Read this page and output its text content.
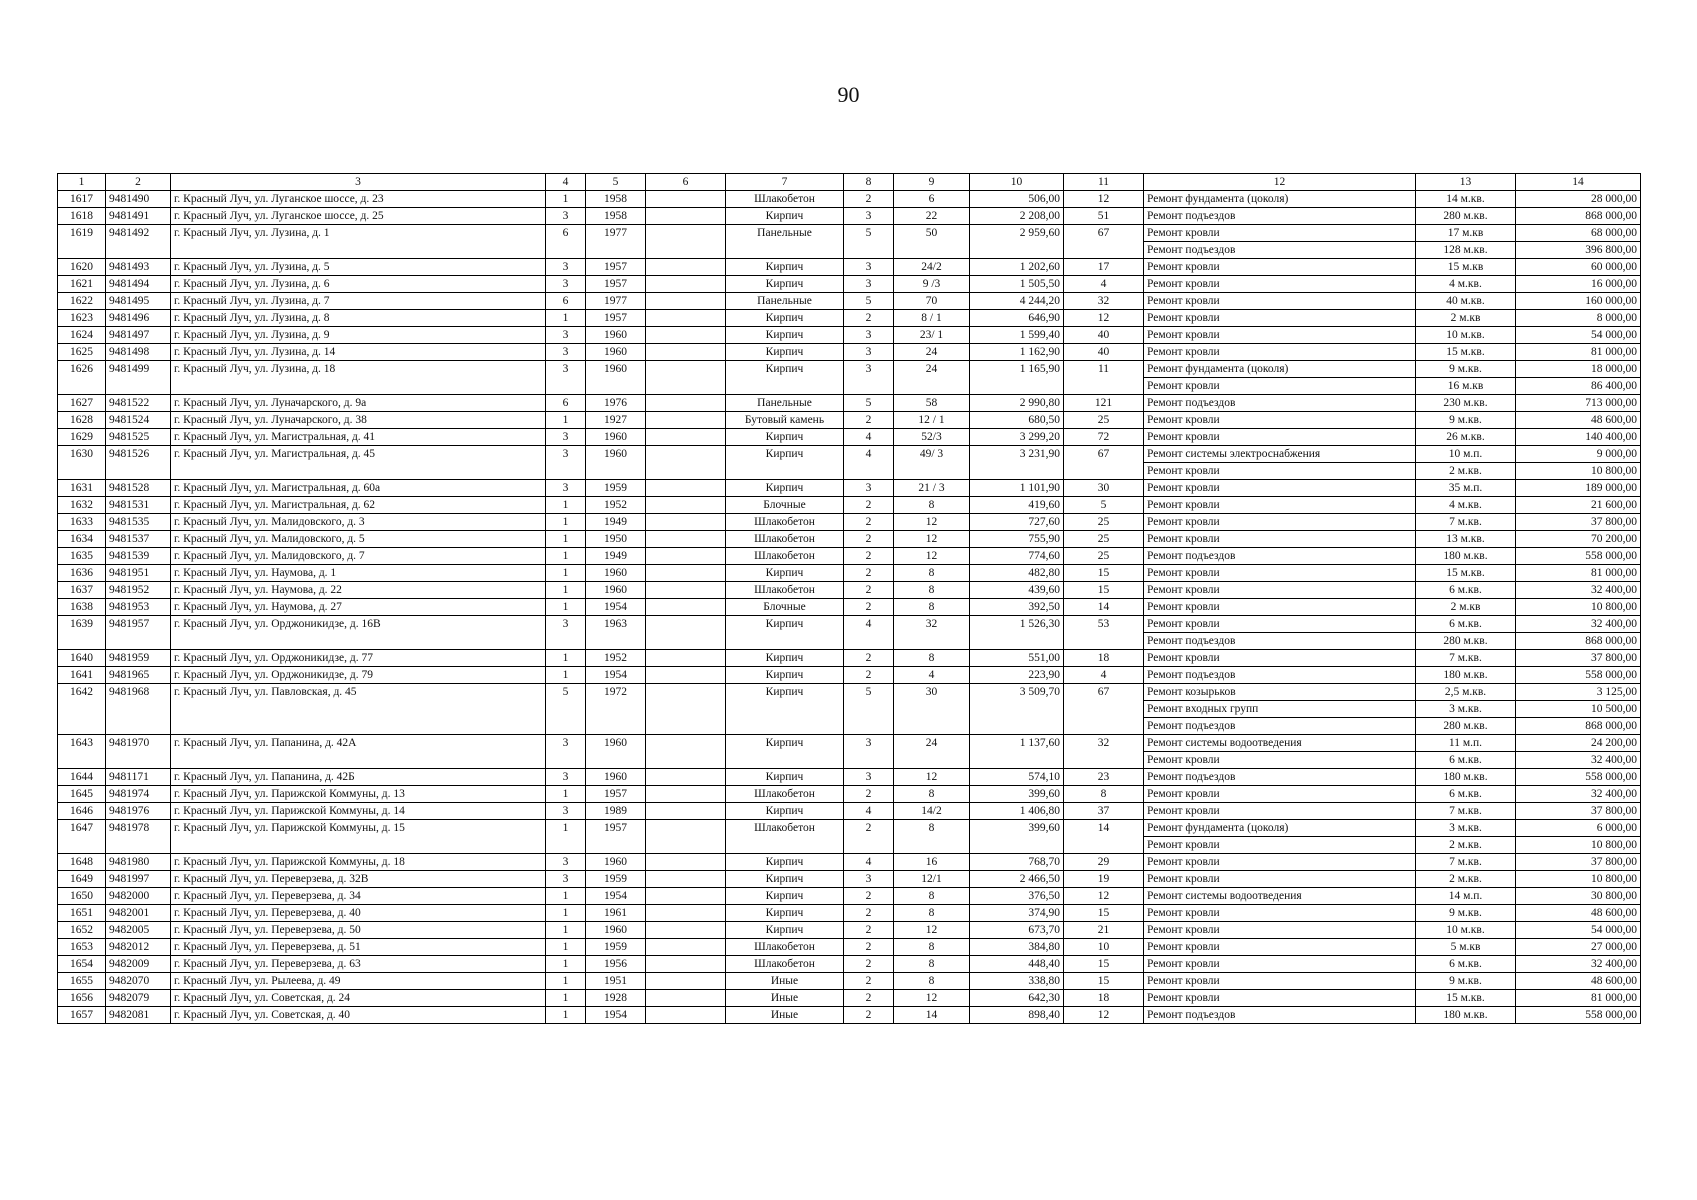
90
1	2	3	4	5	6	7	8	9	10	11	12	13	14
1617	9481490	г. Красный Луч, ул. Луганское шоссе, д. 23	1	1958		Шлакобетон	2	6	506,00	12	Ремонт фундамента (цоколя)	14 м.кв.	28 000,00
1618	9481491	г. Красный Луч, ул. Луганское шоссе, д. 25	3	1958		Кирпич	3	22	2 208,00	51	Ремонт подъездов	280 м.кв.	868 000,00
1619	9481492	г. Красный Луч, ул. Лузина, д. 1	6	1977		Панельные	5	50	2 959,60	67	Ремонт кровли	17 м.кв	68 000,00
											Ремонт подъездов	128 м.кв.	396 800,00
1620	9481493	г. Красный Луч, ул. Лузина, д. 5	3	1957		Кирпич	3	24/2	1 202,60	17	Ремонт кровли	15 м.кв	60 000,00
1621	9481494	г. Красный Луч, ул. Лузина, д. 6	3	1957		Кирпич	3	9 /3	1 505,50	4	Ремонт кровли	4 м.кв.	16 000,00
1622	9481495	г. Красный Луч, ул. Лузина, д. 7	6	1977		Панельные	5	70	4 244,20	32	Ремонт кровли	40 м.кв.	160 000,00
1623	9481496	г. Красный Луч, ул. Лузина, д. 8	1	1957		Кирпич	2	8 / 1	646,90	12	Ремонт кровли	2 м.кв	8 000,00
1624	9481497	г. Красный Луч, ул. Лузина, д. 9	3	1960		Кирпич	3	23/ 1	1 599,40	40	Ремонт кровли	10 м.кв.	54 000,00
1625	9481498	г. Красный Луч, ул. Лузина, д. 14	3	1960		Кирпич	3	24	1 162,90	40	Ремонт кровли	15 м.кв.	81 000,00
1626	9481499	г. Красный Луч, ул. Лузина, д. 18	3	1960		Кирпич	3	24	1 165,90	11	Ремонт фундамента (цоколя)	9 м.кв.	18 000,00
											Ремонт кровли	16 м.кв	86 400,00
1627	9481522	г. Красный Луч, ул. Луначарского, д. 9а	6	1976		Панельные	5	58	2 990,80	121	Ремонт подъездов	230 м.кв.	713 000,00
1628	9481524	г. Красный Луч, ул. Луначарского, д. 38	1	1927		Бутовый камень	2	12 / 1	680,50	25	Ремонт кровли	9 м.кв.	48 600,00
1629	9481525	г. Красный Луч, ул. Магистральная, д. 41	3	1960		Кирпич	4	52/3	3 299,20	72	Ремонт кровли	26 м.кв.	140 400,00
1630	9481526	г. Красный Луч, ул. Магистральная, д. 45	3	1960		Кирпич	4	49/ 3	3 231,90	67	Ремонт системы электроснабжения	10 м.п.	9 000,00
											Ремонт кровли	2 м.кв.	10 800,00
1631	9481528	г. Красный Луч, ул. Магистральная, д. 60а	3	1959		Кирпич	3	21 / 3	1 101,90	30	Ремонт кровли	35 м.п.	189 000,00
1632	9481531	г. Красный Луч, ул. Магистральная, д. 62	1	1952		Блочные	2	8	419,60	5	Ремонт кровли	4 м.кв.	21 600,00
1633	9481535	г. Красный Луч, ул. Малидовского, д. 3	1	1949		Шлакобетон	2	12	727,60	25	Ремонт кровли	7 м.кв.	37 800,00
1634	9481537	г. Красный Луч, ул. Малидовского, д. 5	1	1950		Шлакобетон	2	12	755,90	25	Ремонт кровли	13 м.кв.	70 200,00
1635	9481539	г. Красный Луч, ул. Малидовского, д. 7	1	1949		Шлакобетон	2	12	774,60	25	Ремонт подъездов	180 м.кв.	558 000,00
1636	9481951	г. Красный Луч, ул. Наумова, д. 1	1	1960		Кирпич	2	8	482,80	15	Ремонт кровли	15 м.кв.	81 000,00
1637	9481952	г. Красный Луч, ул. Наумова, д. 22	1	1960		Шлакобетон	2	8	439,60	15	Ремонт кровли	6 м.кв.	32 400,00
1638	9481953	г. Красный Луч, ул. Наумова, д. 27	1	1954		Блочные	2	8	392,50	14	Ремонт кровли	2 м.кв	10 800,00
1639	9481957	г. Красный Луч, ул. Орджоникидзе, д. 16В	3	1963		Кирпич	4	32	1 526,30	53	Ремонт кровли	6 м.кв.	32 400,00
											Ремонт подъездов	280 м.кв.	868 000,00
1640	9481959	г. Красный Луч, ул. Орджоникидзе, д. 77	1	1952		Кирпич	2	8	551,00	18	Ремонт кровли	7 м.кв.	37 800,00
1641	9481965	г. Красный Луч, ул. Орджоникидзе, д. 79	1	1954		Кирпич	2	4	223,90	4	Ремонт подъездов	180 м.кв.	558 000,00
1642	9481968	г. Красный Луч, ул. Павловская, д. 45	5	1972		Кирпич	5	30	3 509,70	67	Ремонт козырьков	2,5 м.кв.	3 125,00
											Ремонт входных групп	3 м.кв.	10 500,00
											Ремонт подъездов	280 м.кв.	868 000,00
1643	9481970	г. Красный Луч, ул. Папанина, д. 42А	3	1960		Кирпич	3	24	1 137,60	32	Ремонт системы водоотведения	11 м.п.	24 200,00
											Ремонт кровли	6 м.кв.	32 400,00
1644	9481171	г. Красный Луч, ул. Папанина, д. 42Б	3	1960		Кирпич	3	12	574,10	23	Ремонт подъездов	180 м.кв.	558 000,00
1645	9481974	г. Красный Луч, ул. Парижской Коммуны, д. 13	1	1957		Шлакобетон	2	8	399,60	8	Ремонт кровли	6 м.кв.	32 400,00
1646	9481976	г. Красный Луч, ул. Парижской Коммуны, д. 14	3	1989		Кирпич	4	14/2	1 406,80	37	Ремонт кровли	7 м.кв.	37 800,00
1647	9481978	г. Красный Луч, ул. Парижской Коммуны, д. 15	1	1957		Шлакобетон	2	8	399,60	14	Ремонт фундамента (цоколя)	3 м.кв.	6 000,00
											Ремонт кровли	2 м.кв.	10 800,00
1648	9481980	г. Красный Луч, ул. Парижской Коммуны, д. 18	3	1960		Кирпич	4	16	768,70	29	Ремонт кровли	7 м.кв.	37 800,00
1649	9481997	г. Красный Луч, ул. Переверзева, д. 32В	3	1959		Кирпич	3	12/1	2 466,50	19	Ремонт кровли	2 м.кв.	10 800,00
1650	9482000	г. Красный Луч, ул. Переверзева, д. 34	1	1954		Кирпич	2	8	376,50	12	Ремонт системы водоотведения	14 м.п.	30 800,00
1651	9482001	г. Красный Луч, ул. Переверзева, д. 40	1	1961		Кирпич	2	8	374,90	15	Ремонт кровли	9 м.кв.	48 600,00
1652	9482005	г. Красный Луч, ул. Переверзева, д. 50	1	1960		Кирпич	2	12	673,70	21	Ремонт кровли	10 м.кв.	54 000,00
1653	9482012	г. Красный Луч, ул. Переверзева, д. 51	1	1959		Шлакобетон	2	8	384,80	10	Ремонт кровли	5 м.кв	27 000,00
1654	9482009	г. Красный Луч, ул. Переверзева, д. 63	1	1956		Шлакобетон	2	8	448,40	15	Ремонт кровли	6 м.кв.	32 400,00
1655	9482070	г. Красный Луч, ул. Рылеева, д. 49	1	1951		Иные	2	8	338,80	15	Ремонт кровли	9 м.кв.	48 600,00
1656	9482079	г. Красный Луч, ул. Советская, д. 24	1	1928		Иные	2	12	642,30	18	Ремонт кровли	15 м.кв.	81 000,00
1657	9482081	г. Красный Луч, ул. Советская, д. 40	1	1954		Иные	2	14	898,40	12	Ремонт подъездов	180 м.кв.	558 000,00
